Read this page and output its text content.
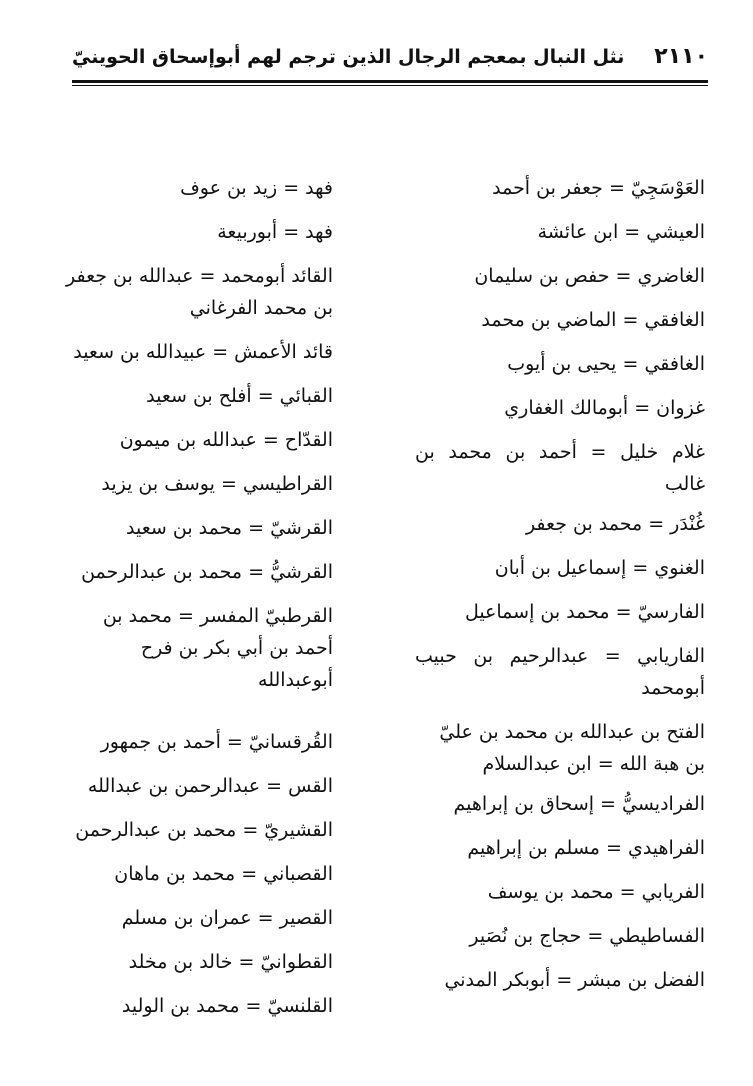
٢١١٠
نثل النبال بمعجم الرجال الذين ترجم لهم أبوإسحاق الحوينيّ
العَوْسَجِيّ = جعفر بن أحمد
العيشي = ابن عائشة
الغاضري = حفص بن سليمان
الغافقي = الماضي بن محمد
الغافقي = يحيى بن أيوب
غزوان = أبومالك الغفاري
غلام خليل = أحمد بن محمد بن غالب
غُنْدَر = محمد بن جعفر
الغنوي = إسماعيل بن أبان
الفارسيّ = محمد بن إسماعيل
الفاريابي = عبدالرحيم بن حبيب أبومحمد
الفتح بن عبدالله بن محمد بن عليّ بن هبة الله = ابن عبدالسلام
الفراديسيُّ = إسحاق بن إبراهيم
الفراهيدي = مسلم بن إبراهيم
الفريابي = محمد بن يوسف
الفساطيطي = حجاج بن نُصَير
الفضل بن مبشر = أبوبكر المدني
فهد = زيد بن عوف
فهد = أبوربيعة
القائد أبومحمد = عبدالله بن جعفر بن محمد الفرغاني
قائد الأعمش = عبيدالله بن سعيد
القبائي = أفلح بن سعيد
القدّاح = عبدالله بن ميمون
القراطيسي = يوسف بن يزيد
القرشيّ = محمد بن سعيد
القرشيُّ = محمد بن عبدالرحمن
القرطبيّ المفسر = محمد بن أحمد بن أبي بكر بن فرح أبوعبدالله
القُرقسانيّ = أحمد بن جمهور
القس = عبدالرحمن بن عبدالله
القشيريّ = محمد بن عبدالرحمن
القصباني = محمد بن ماهان
القصير = عمران بن مسلم
القطوانيّ = خالد بن مخلد
القلنسيّ = محمد بن الوليد
